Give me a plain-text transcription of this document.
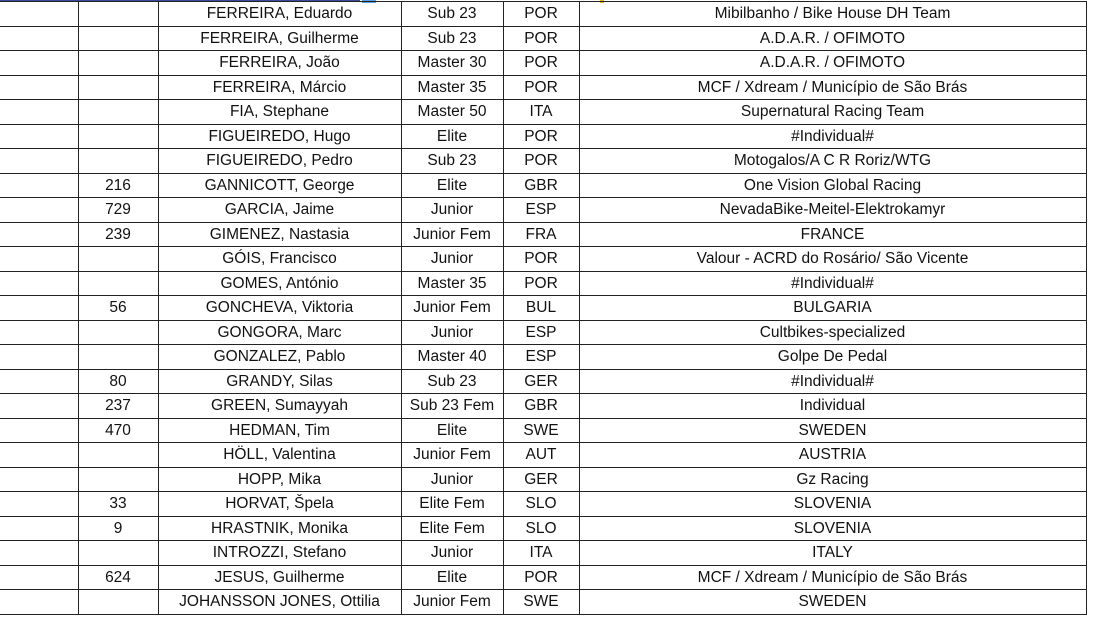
		FERREIRA, Eduardo	Sub 23	POR	Mibilbanho / Bike House DH Team
		FERREIRA, Guilherme	Sub 23	POR	A.D.A.R. / OFIMOTO
		FERREIRA, João	Master 30	POR	A.D.A.R. / OFIMOTO
		FERREIRA, Márcio	Master 35	POR	MCF / Xdream / Município de São Brás
		FIA, Stephane	Master 50	ITA	Supernatural Racing Team
		FIGUEIREDO, Hugo	Elite	POR	#Individual#
		FIGUEIREDO, Pedro	Sub 23	POR	Motogalos/A C R Roriz/WTG
	216	GANNICOTT, George	Elite	GBR	One Vision Global Racing
	729	GARCIA, Jaime	Junior	ESP	NevadaBike-Meitel-Elektrokamyr
	239	GIMENEZ, Nastasia	Junior Fem	FRA	FRANCE
		GÓIS, Francisco	Junior	POR	Valour - ACRD do Rosário/ São Vicente
		GOMES, António	Master 35	POR	#Individual#
	56	GONCHEVA, Viktoria	Junior Fem	BUL	BULGARIA
		GONGORA, Marc	Junior	ESP	Cultbikes-specialized
		GONZALEZ, Pablo	Master 40	ESP	Golpe De Pedal
	80	GRANDY, Silas	Sub 23	GER	#Individual#
	237	GREEN, Sumayyah	Sub 23 Fem	GBR	Individual
	470	HEDMAN, Tim	Elite	SWE	SWEDEN
		HÖLL, Valentina	Junior Fem	AUT	AUSTRIA
		HOPP, Mika	Junior	GER	Gz Racing
	33	HORVAT, Špela	Elite Fem	SLO	SLOVENIA
	9	HRASTNIK, Monika	Elite Fem	SLO	SLOVENIA
		INTROZZI, Stefano	Junior	ITA	ITALY
	624	JESUS, Guilherme	Elite	POR	MCF / Xdream / Município de São Brás
		JOHANSSON JONES, Ottilia	Junior Fem	SWE	SWEDEN
